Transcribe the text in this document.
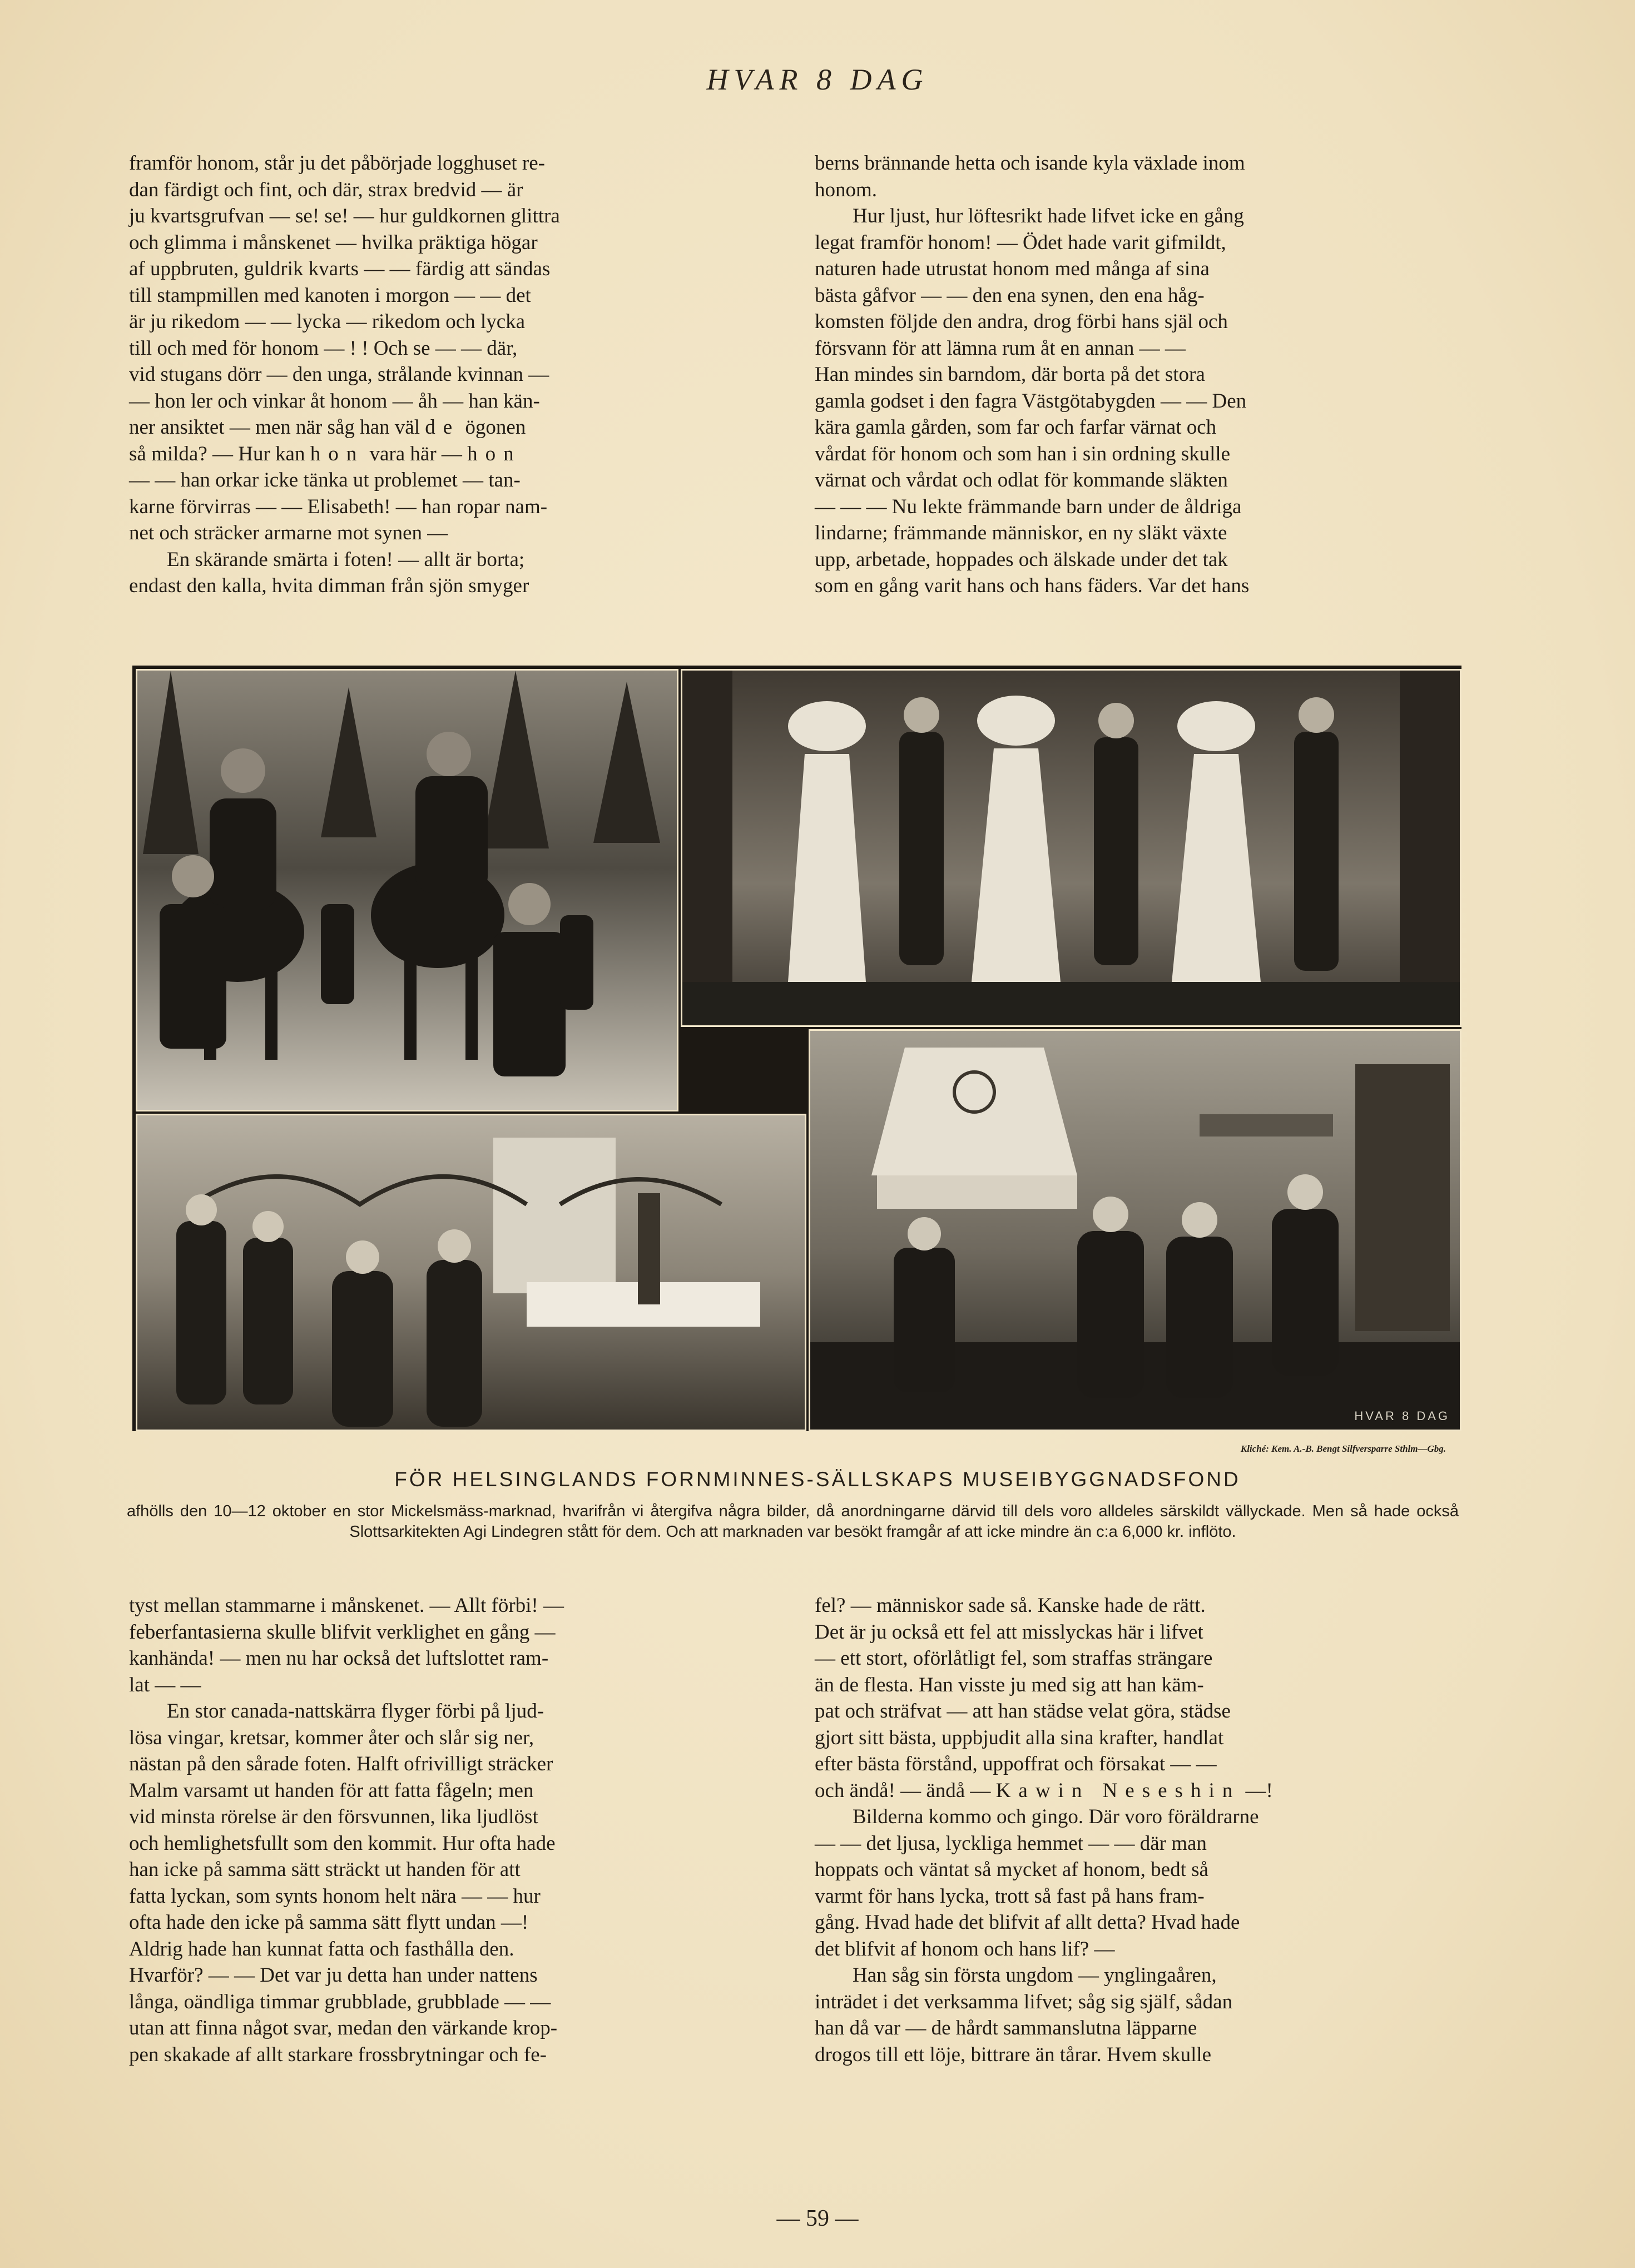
HVAR 8 DAG

framför honom, står ju det påbörjade logghuset re-

dan färdigt och fint, och där, strax bredvid — är

ju kvartsgrufvan — se! se! — hur guldkornen glittra

och glimma i månskenet — hvilka präktiga högar

af uppbruten, guldrik kvarts — — färdig att sändas

till stampmillen med kanoten i morgon — — det

är ju rikedom — — lycka — rikedom och lycka

till och med för honom — ! ! Och se — — där,

vid stugans dörr — den unga, strålande kvinnan —

— hon ler och vinkar åt honom — åh — han kän-

ner ansiktet — men när såg han väl de ögonen

så milda? — Hur kan hon vara här — hon

— — han orkar icke tänka ut problemet — tan-

karne förvirras — — Elisabeth! — han ropar nam-

net och sträcker armarne mot synen —

En skärande smärta i foten! — allt är borta;

endast den kalla, hvita dimman från sjön smyger

berns brännande hetta och isande kyla växlade inom

honom.

Hur ljust, hur löftesrikt hade lifvet icke en gång

legat framför honom! — Ödet hade varit gifmildt,

naturen hade utrustat honom med många af sina

bästa gåfvor — — den ena synen, den ena håg-

komsten följde den andra, drog förbi hans själ och

försvann för att lämna rum åt en annan — —

Han mindes sin barndom, där borta på det stora

gamla godset i den fagra Västgötabygden — — Den

kära gamla gården, som far och farfar värnat och

vårdat för honom och som han i sin ordning skulle

värnat och vårdat och odlat för kommande släkten

— — — Nu lekte främmande barn under de åldriga

lindarne; främmande människor, en ny släkt växte

upp, arbetade, hoppades och älskade under det tak

som en gång varit hans och hans fäders. Var det hans

HVAR 8 DAG
Kliché: Kem. A.-B. Bengt Silfversparre Sthlm—Gbg.
FÖR HELSINGLANDS FORNMINNES-SÄLLSKAPS MUSEIBYGGNADSFOND
afhölls den 10—12 oktober en stor Mickelsmäss-marknad, hvarifrån vi återgifva några bilder, då anordningarne därvid till dels voro alldeles särskildt vällyckade. Men så hade också Slottsarkitekten Agi Lindegren stått för dem. Och att marknaden var besökt framgår af att icke mindre än c:a 6,000 kr. inflöto.

tyst mellan stammarne i månskenet. — Allt förbi! —

feberfantasierna skulle blifvit verklighet en gång —

kanhända! — men nu har också det luftslottet ram-

lat — —

En stor canada-nattskärra flyger förbi på ljud-

lösa vingar, kretsar, kommer åter och slår sig ner,

nästan på den sårade foten. Halft ofrivilligt sträcker

Malm varsamt ut handen för att fatta fågeln; men

vid minsta rörelse är den försvunnen, lika ljudlöst

och hemlighetsfullt som den kommit. Hur ofta hade

han icke på samma sätt sträckt ut handen för att

fatta lyckan, som synts honom helt nära — — hur

ofta hade den icke på samma sätt flytt undan —!

Aldrig hade han kunnat fatta och fasthålla den.

Hvarför? — — Det var ju detta han under nattens

långa, oändliga timmar grubblade, grubblade — —

utan att finna något svar, medan den värkande krop-

pen skakade af allt starkare frossbrytningar och fe-

fel? — människor sade så. Kanske hade de rätt.

Det är ju också ett fel att misslyckas här i lifvet

— ett stort, oförlåtligt fel, som straffas strängare

än de flesta. Han visste ju med sig att han käm-

pat och sträfvat — att han städse velat göra, städse

gjort sitt bästa, uppbjudit alla sina krafter, handlat

efter bästa förstånd, uppoffrat och försakat — —

och ändå! — ändå — Kawin Neseshin —!

Bilderna kommo och gingo. Där voro föräldrarne

— — det ljusa, lyckliga hemmet — — där man

hoppats och väntat så mycket af honom, bedt så

varmt för hans lycka, trott så fast på hans fram-

gång. Hvad hade det blifvit af allt detta? Hvad hade

det blifvit af honom och hans lif? —

Han såg sin första ungdom — ynglingaåren,

inträdet i det verksamma lifvet; såg sig själf, sådan

han då var — de hårdt sammanslutna läpparne

drogos till ett löje, bittrare än tårar. Hvem skulle

— 59 —
